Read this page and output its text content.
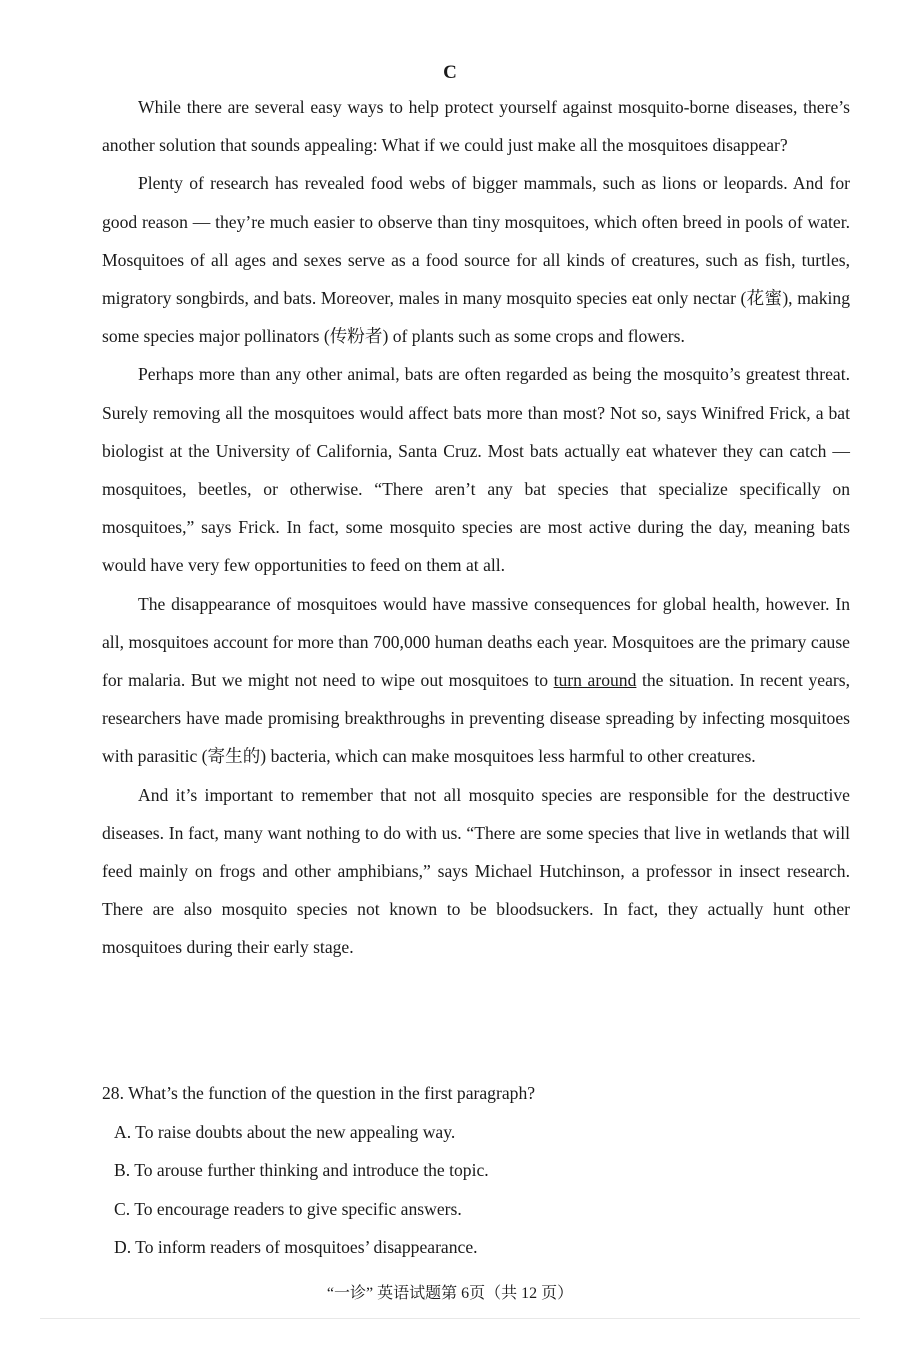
C

While there are several easy ways to help protect yourself against mosquito-borne diseases, there’s another solution that sounds appealing: What if we could just make all the mosquitoes disappear?

Plenty of research has revealed food webs of bigger mammals, such as lions or leopards. And for good reason — they’re much easier to observe than tiny mosquitoes, which often breed in pools of water. Mosquitoes of all ages and sexes serve as a food source for all kinds of creatures, such as fish, turtles, migratory songbirds, and bats. Moreover, males in many mosquito species eat only nectar (花蜜), making some species major pollinators (传粉者) of plants such as some crops and flowers.

Perhaps more than any other animal, bats are often regarded as being the mosquito’s greatest threat. Surely removing all the mosquitoes would affect bats more than most? Not so, says Winifred Frick, a bat biologist at the University of California, Santa Cruz. Most bats actually eat whatever they can catch — mosquitoes, beetles, or otherwise. “There aren’t any bat species that specialize specifically on mosquitoes,” says Frick. In fact, some mosquito species are most active during the day, meaning bats would have very few opportunities to feed on them at all.

The disappearance of mosquitoes would have massive consequences for global health, however. In all, mosquitoes account for more than 700,000 human deaths each year. Mosquitoes are the primary cause for malaria. But we might not need to wipe out mosquitoes to turn around the situation. In recent years, researchers have made promising breakthroughs in preventing disease spreading by infecting mosquitoes with parasitic (寄生的) bacteria, which can make mosquitoes less harmful to other creatures.

And it’s important to remember that not all mosquito species are responsible for the destructive diseases. In fact, many want nothing to do with us. “There are some species that live in wetlands that will feed mainly on frogs and other amphibians,” says Michael Hutchinson, a professor in insect research. There are also mosquito species not known to be bloodsuckers. In fact, they actually hunt other mosquitoes during their early stage.

28. What’s the function of the question in the first paragraph?

A. To raise doubts about the new appealing way.

B. To arouse further thinking and introduce the topic.

C. To encourage readers to give specific answers.

D. To inform readers of mosquitoes’ disappearance.

“一诊” 英语试题第 6页（共 12 页）
